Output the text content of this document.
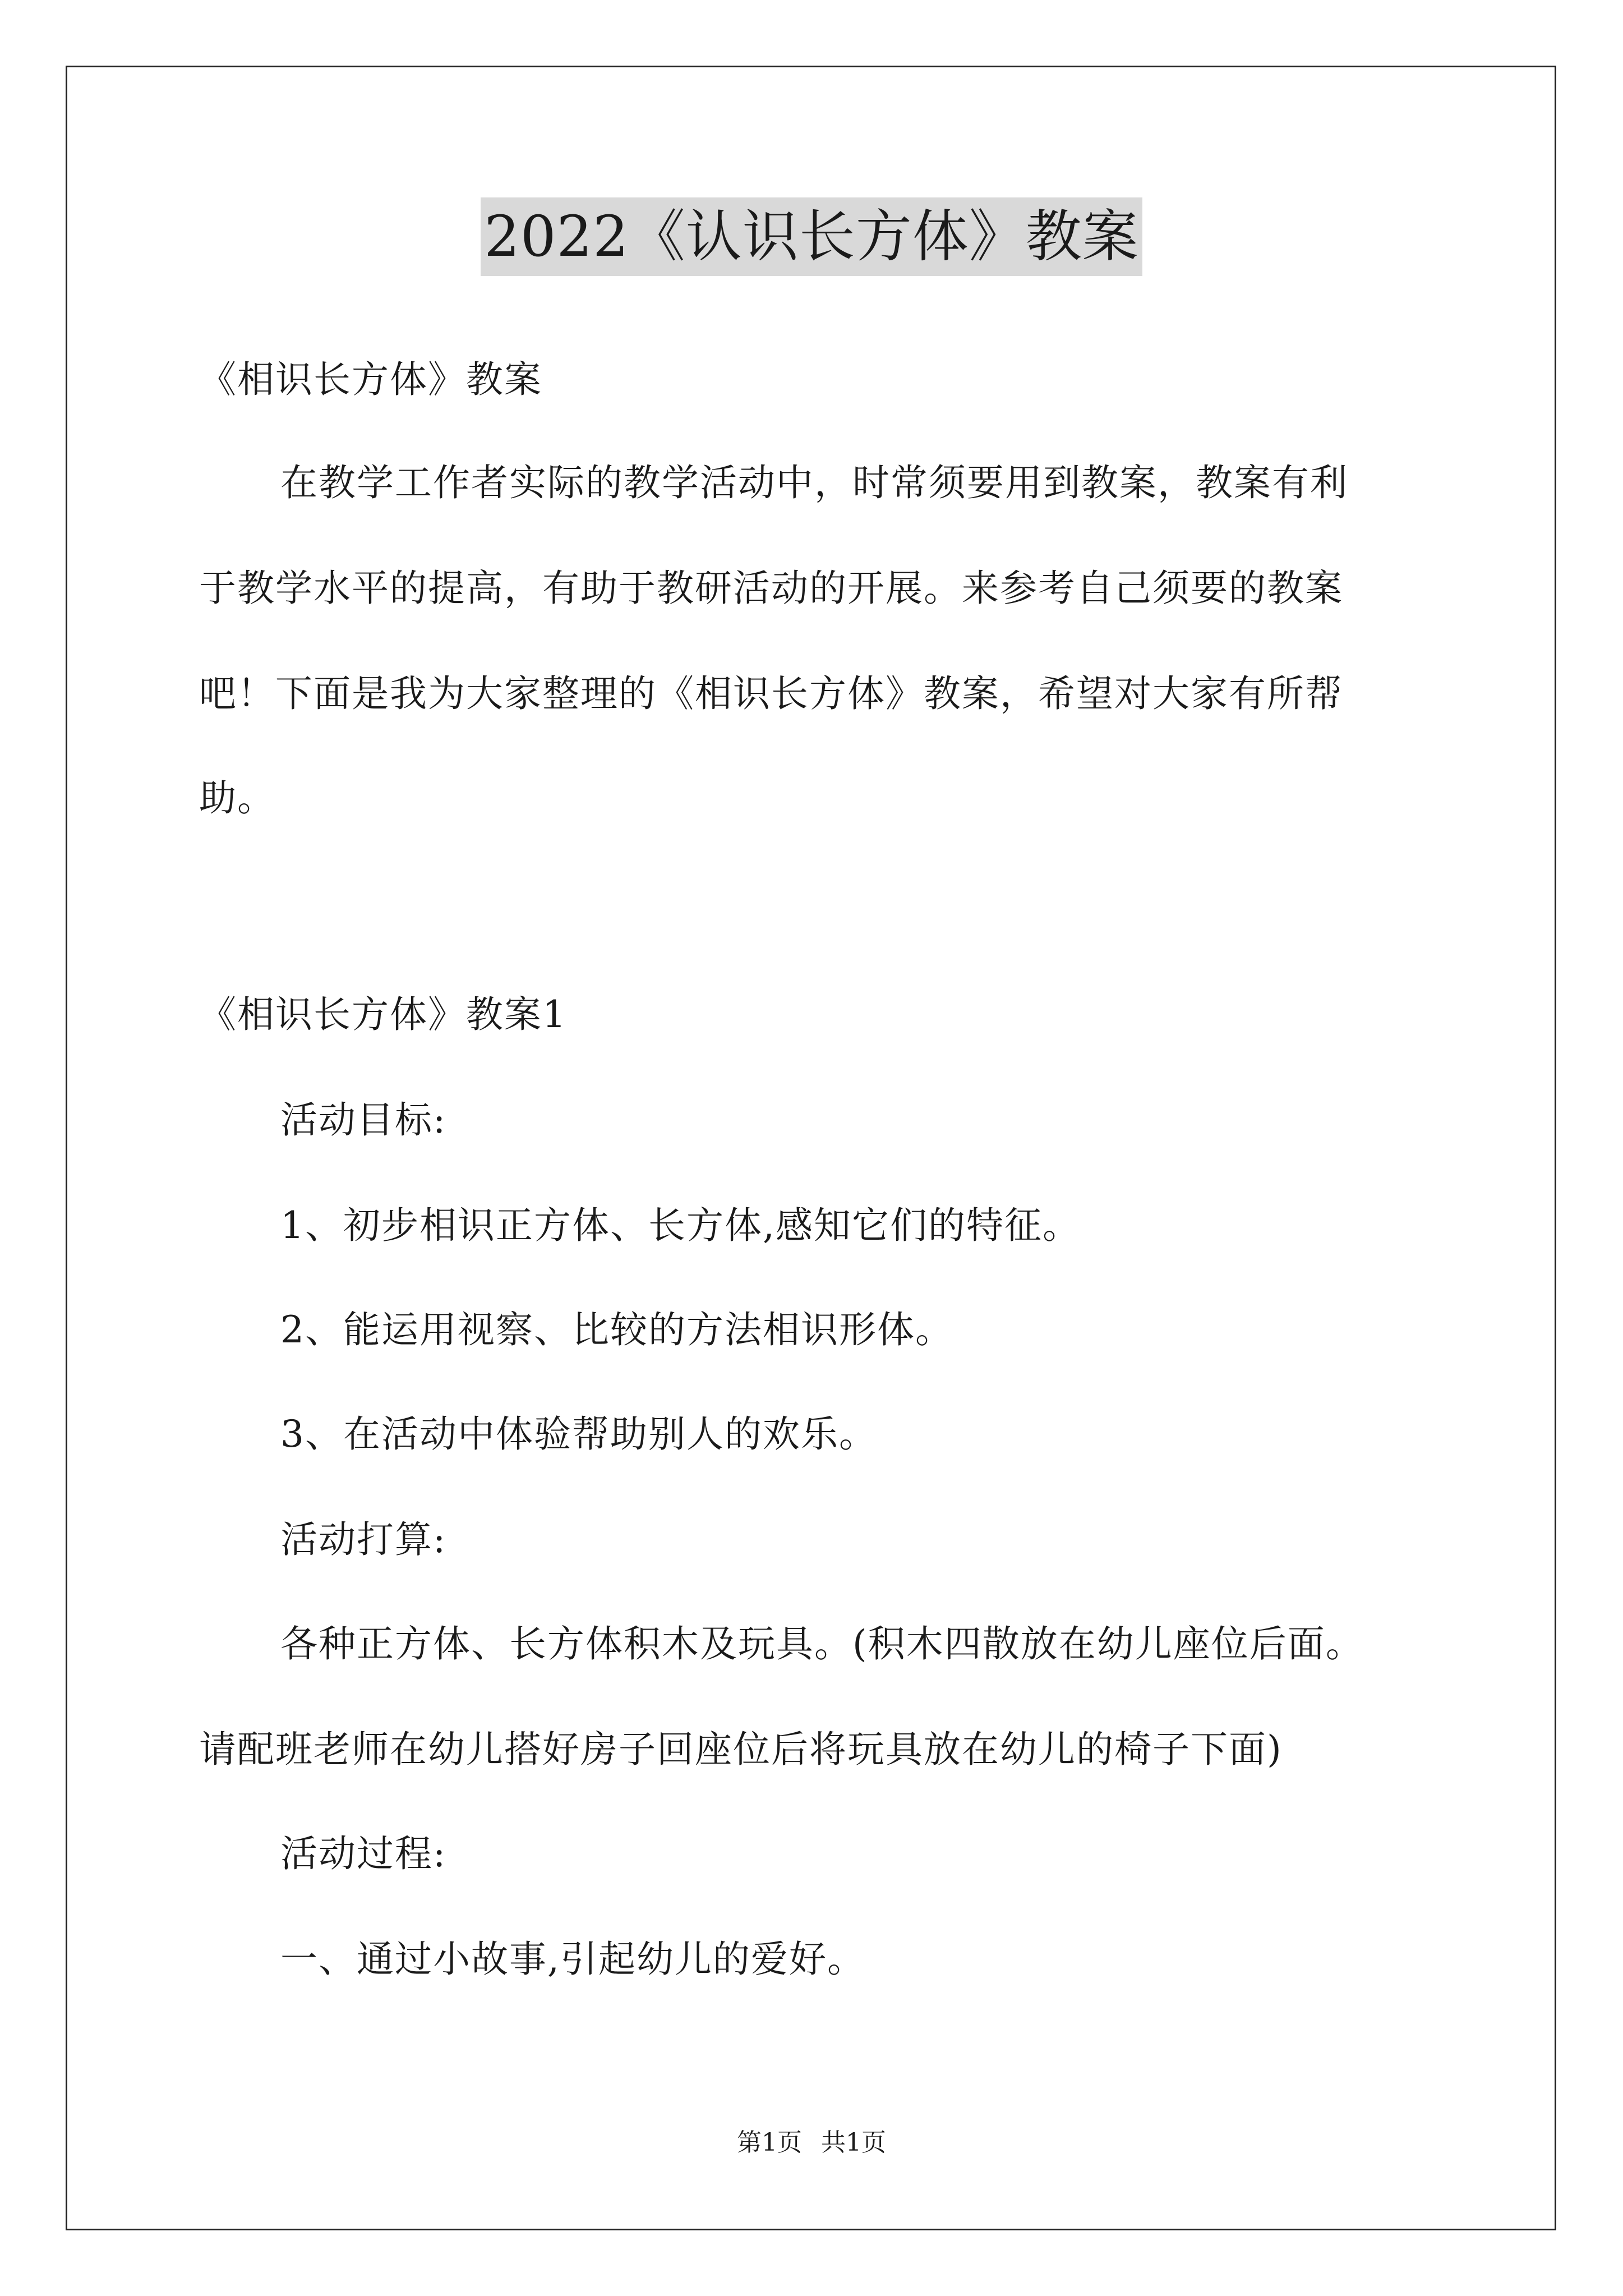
2022《认识长方体》教案
《相识长方体》教案
在教学工作者实际的教学活动中，时常须要用到教案，教案有利
于教学水平的提高，有助于教研活动的开展。来参考自己须要的教案
吧！下面是我为大家整理的《相识长方体》教案，希望对大家有所帮
助。
《相识长方体》教案1
活动目标:
1、初步相识正方体、长方体,感知它们的特征。
2、能运用视察、比较的方法相识形体。
3、在活动中体验帮助别人的欢乐。
活动打算:
各种正方体、长方体积木及玩具。(积木四散放在幼儿座位后面。
请配班老师在幼儿搭好房子回座位后将玩具放在幼儿的椅子下面)
活动过程:
一、通过小故事,引起幼儿的爱好。
第1页 共1页
